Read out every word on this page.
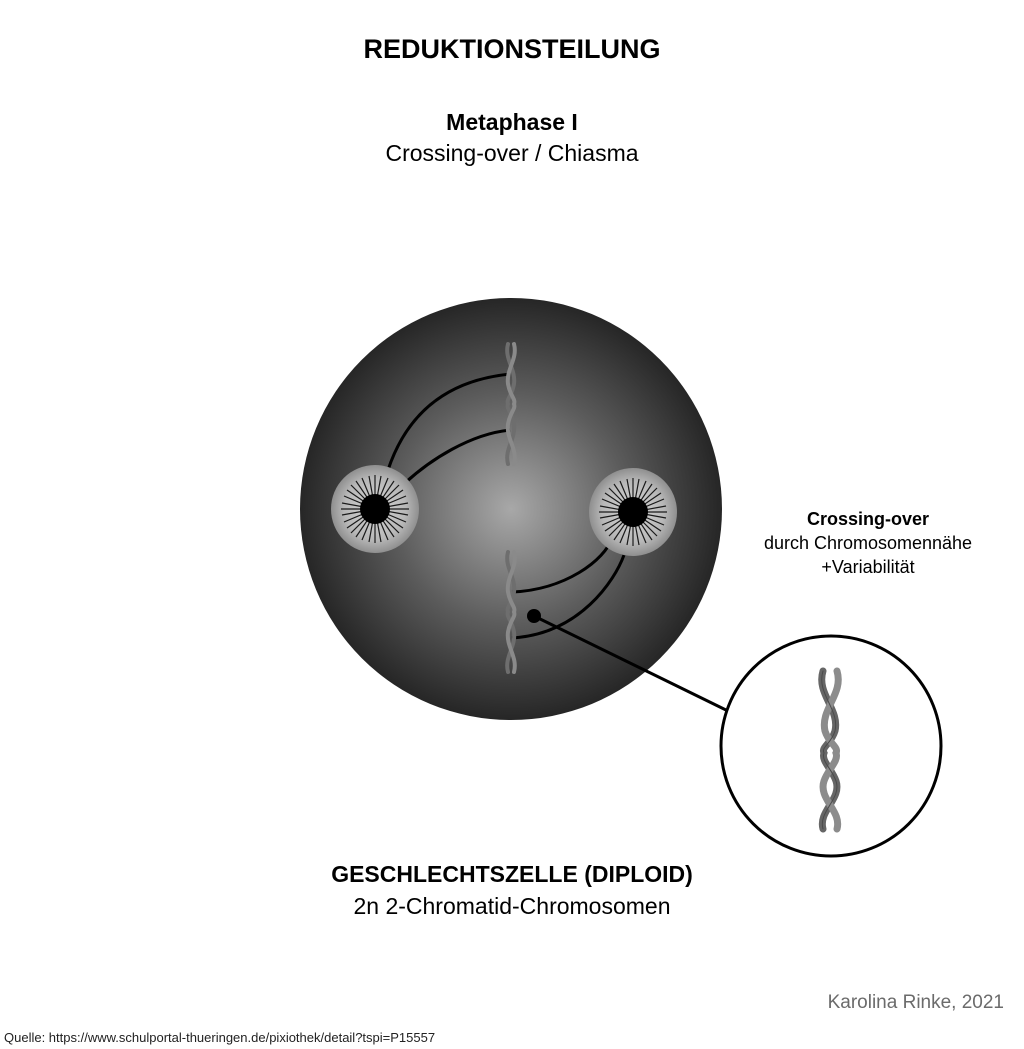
REDUKTIONSTEILUNG
Metaphase I
Crossing-over / Chiasma
Crossing-over
durch Chromosomennähe
+Variabilität
GESCHLECHTSZELLE (DIPLOID)
2n 2-Chromatid-Chromosomen
Karolina Rinke, 2021
Quelle: https://www.schulportal-thueringen.de/pixiothek/detail?tspi=P15557
